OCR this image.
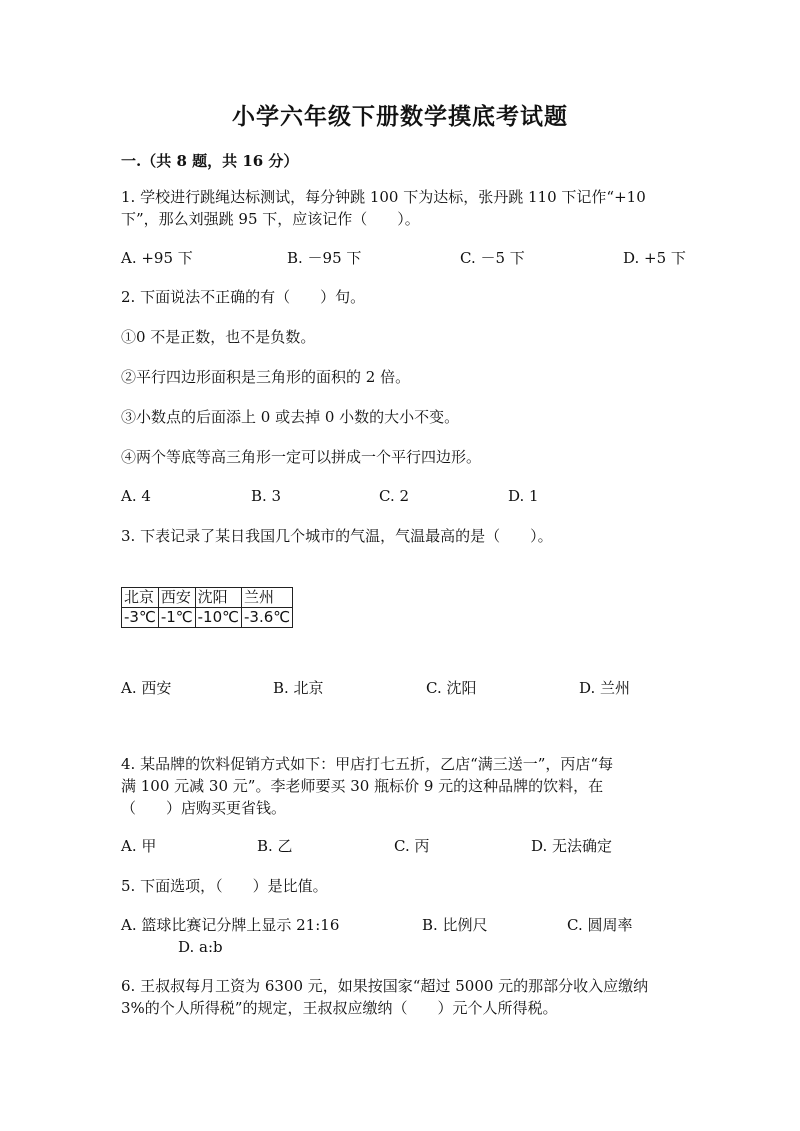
小学六年级下册数学摸底考试题
一.（共 8 题，共 16 分）
1. 学校进行跳绳达标测试，每分钟跳 100 下为达标，张丹跳 110 下记作“+10
下”，那么刘强跳 95 下，应该记作（　　）。
A. +95 下	B. －95 下	C. －5 下	D. +5 下
2. 下面说法不正确的有（　　）句。
①0 不是正数，也不是负数。
②平行四边形面积是三角形的面积的 2 倍。
③小数点的后面添上 0 或去掉 0 小数的大小不变。
④两个等底等高三角形一定可以拼成一个平行四边形。
A. 4	B. 3	C. 2	D. 1
3. 下表记录了某日我国几个城市的气温，气温最高的是（　　）。
北京	西安	沈阳	兰州
-3℃	-1℃	-10℃	-3.6℃
A. 西安	B. 北京	C. 沈阳	D. 兰州
4. 某品牌的饮料促销方式如下：甲店打七五折，乙店“满三送一”，丙店“每
满 100 元减 30 元”。李老师要买 30 瓶标价 9 元的这种品牌的饮料，在
（　　）店购买更省钱。
A. 甲	B. 乙	C. 丙	D. 无法确定
5. 下面选项，（　　）是比值。
A. 篮球比赛记分牌上显示 21:16	B. 比例尺	C. 圆周率
D. a:b
6. 王叔叔每月工资为 6300 元，如果按国家“超过 5000 元的那部分收入应缴纳
3%的个人所得税”的规定，王叔叔应缴纳（　　）元个人所得税。
